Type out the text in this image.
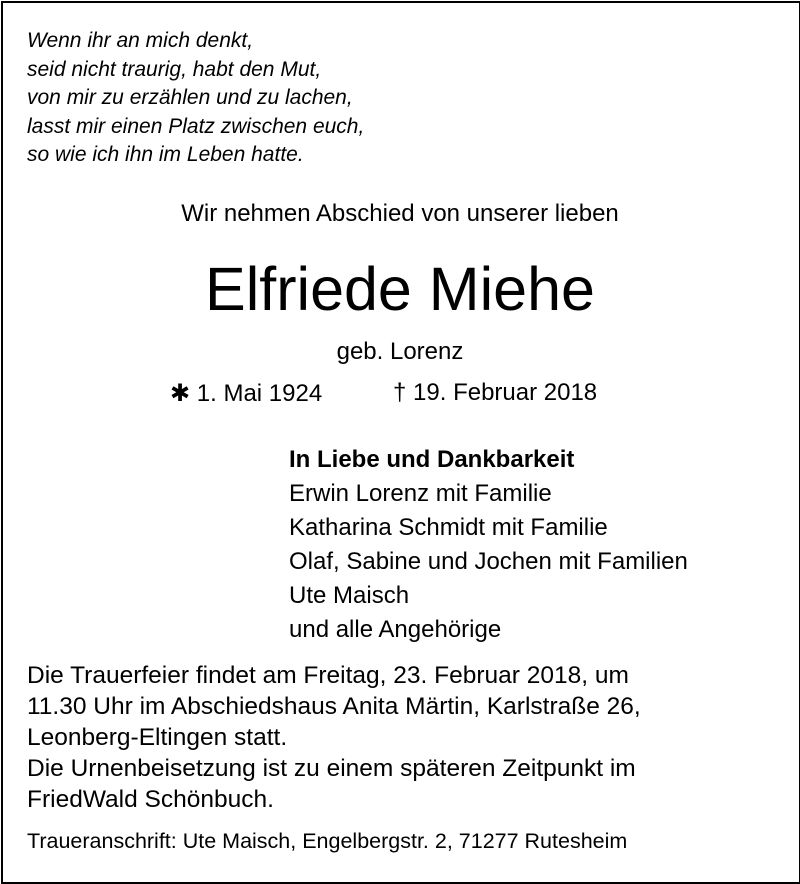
Wenn ihr an mich denkt,
seid nicht traurig, habt den Mut,
von mir zu erzählen und zu lachen,
lasst mir einen Platz zwischen euch,
so wie ich ihn im Leben hatte.
Wir nehmen Abschied von unserer lieben
Elfriede Miehe
geb. Lorenz
✱ 1. Mai 1924	† 19. Februar 2018
In Liebe und Dankbarkeit
Erwin Lorenz mit Familie
Katharina Schmidt mit Familie
Olaf, Sabine und Jochen mit Familien
Ute Maisch
und alle Angehörige
Die Trauerfeier findet am Freitag, 23. Februar 2018, um
11.30 Uhr im Abschiedshaus Anita Märtin, Karlstraße 26,
Leonberg-Eltingen statt.
Die Urnenbeisetzung ist zu einem späteren Zeitpunkt im
FriedWald Schönbuch.
Traueranschrift: Ute Maisch, Engelbergstr. 2, 71277 Rutesheim
